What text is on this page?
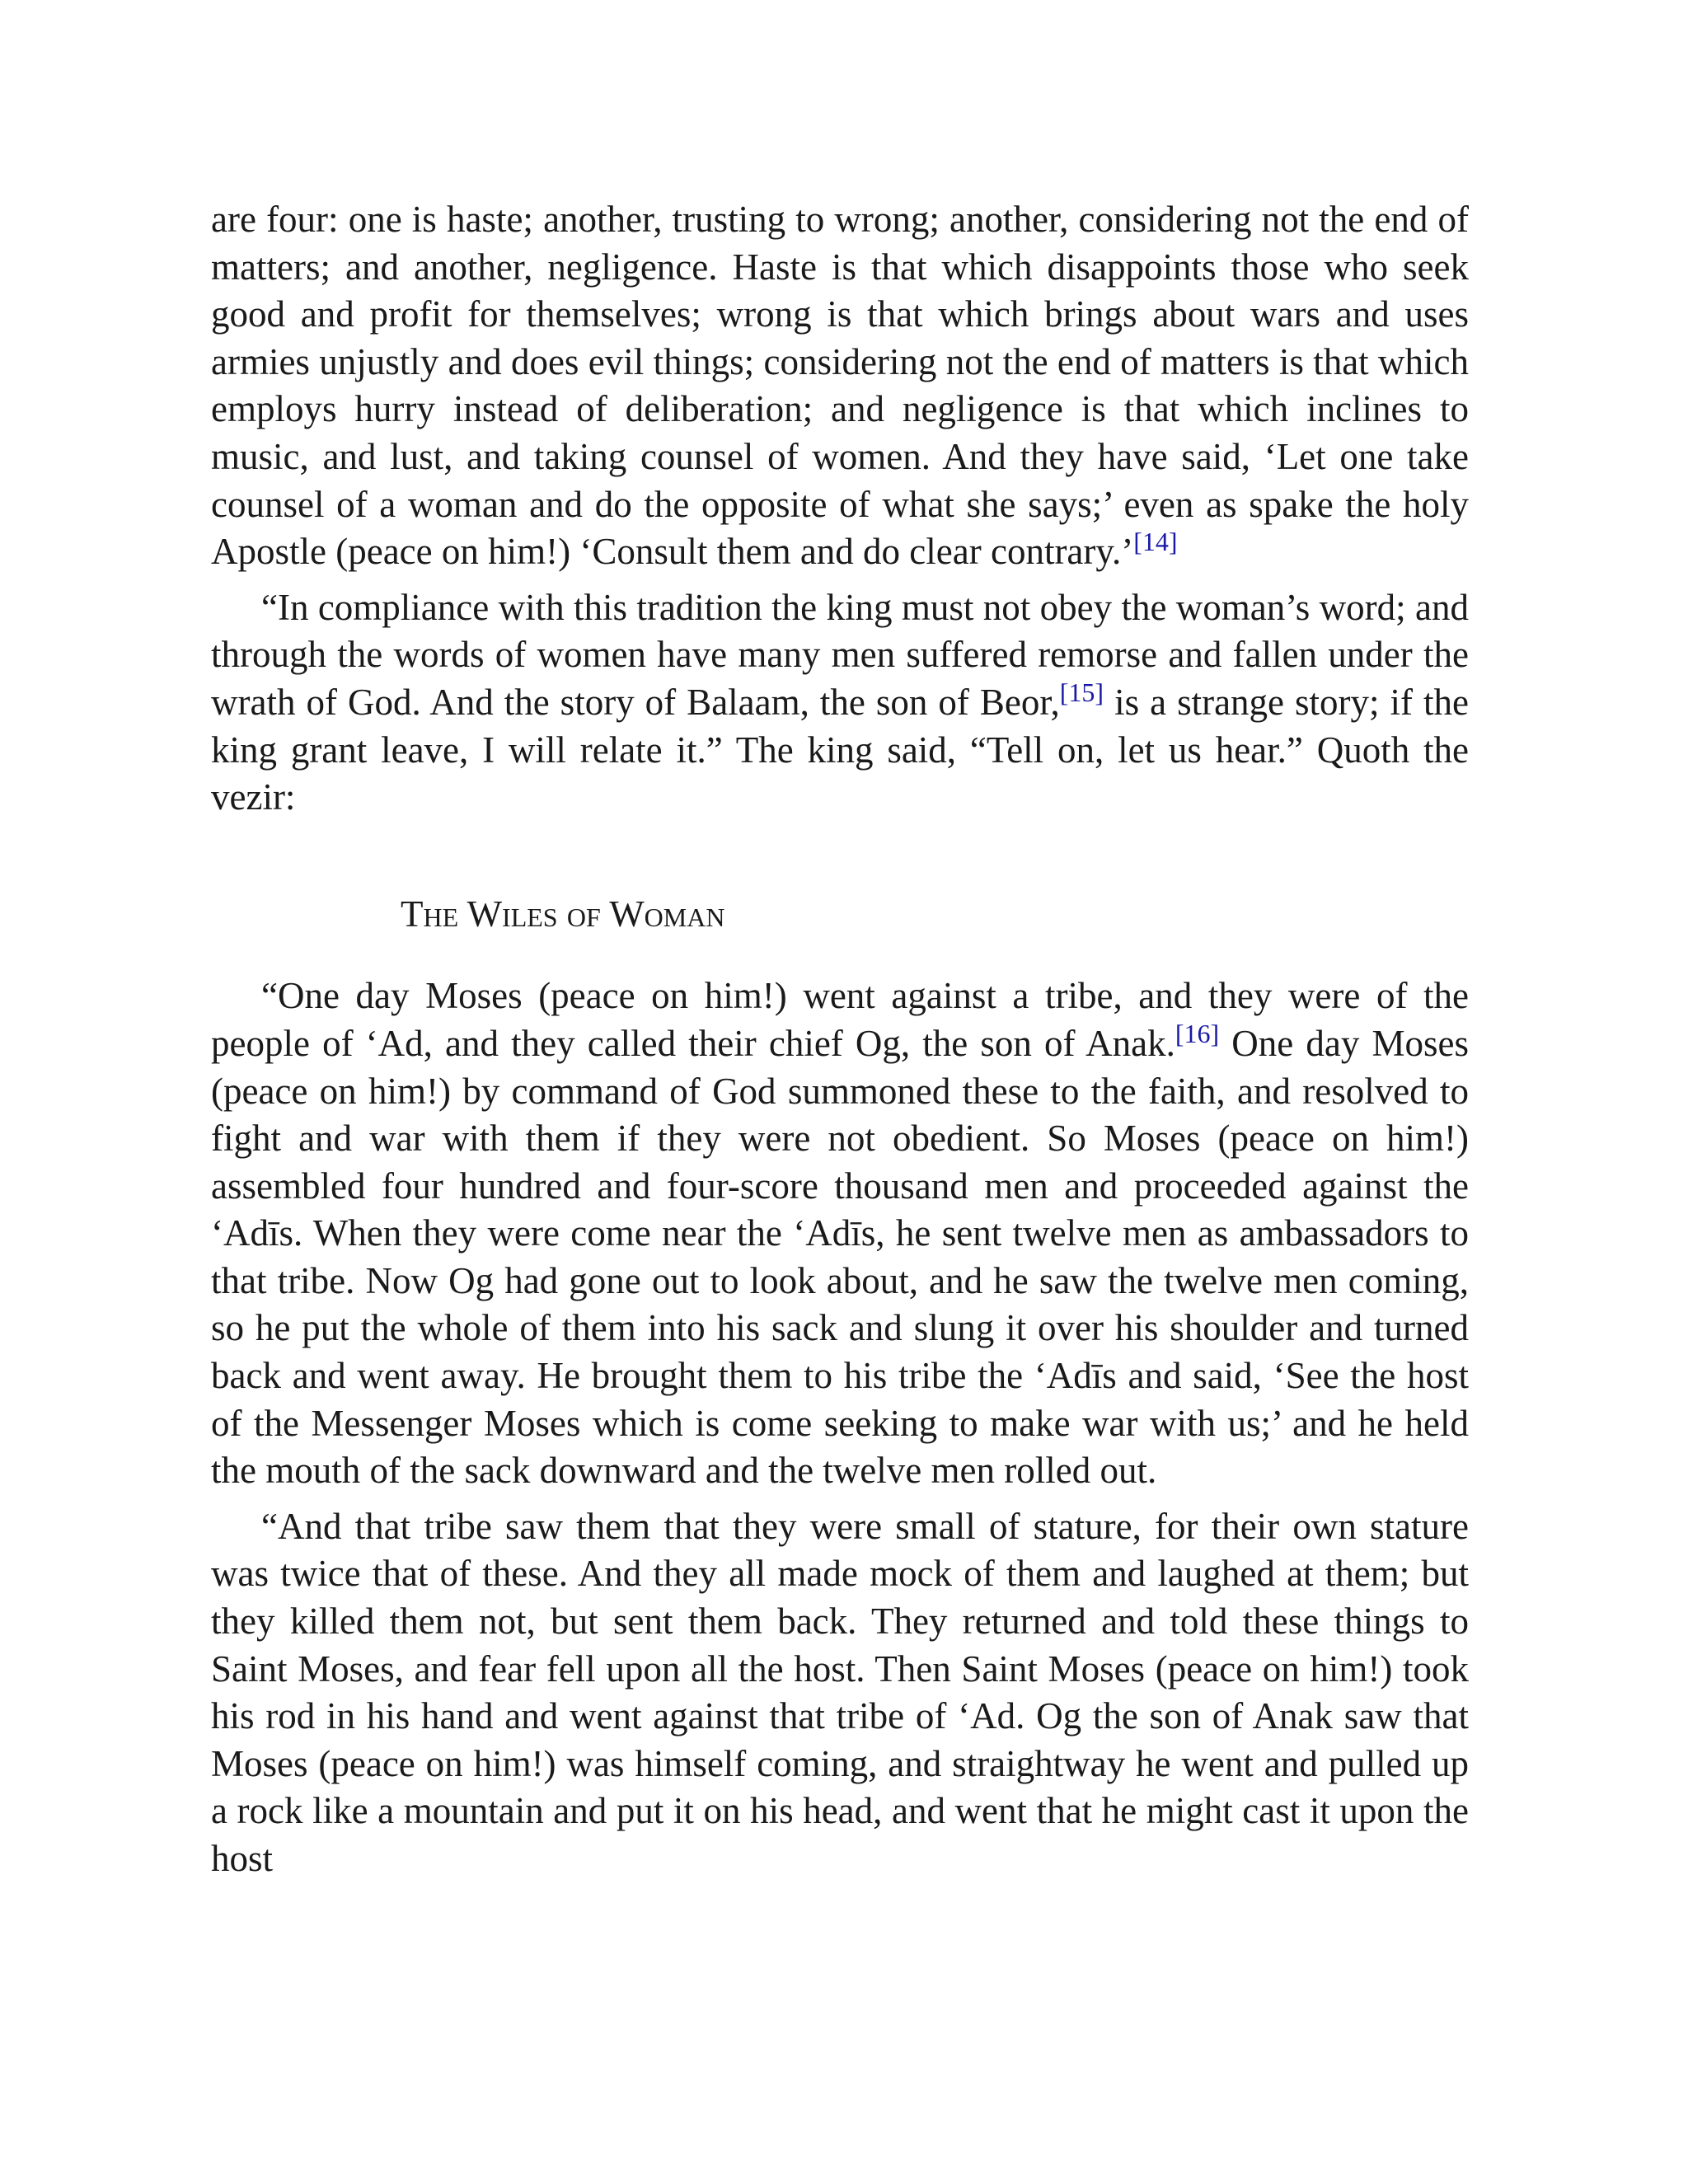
are four: one is haste; another, trusting to wrong; another, considering not the end of matters; and another, negligence. Haste is that which disappoints those who seek good and profit for themselves; wrong is that which brings about wars and uses armies unjustly and does evil things; considering not the end of matters is that which employs hurry instead of deliberation; and negligence is that which inclines to music, and lust, and taking counsel of women. And they have said, ‘Let one take counsel of a woman and do the opposite of what she says;’ even as spake the holy Apostle (peace on him!) ‘Consult them and do clear contrary.’[14]

“In compliance with this tradition the king must not obey the woman’s word; and through the words of women have many men suffered remorse and fallen under the wrath of God. And the story of Balaam, the son of Beor,[15] is a strange story; if the king grant leave, I will relate it.” The king said, “Tell on, let us hear.” Quoth the vezir:

The Wiles of Woman

“One day Moses (peace on him!) went against a tribe, and they were of the people of ‘Ad, and they called their chief Og, the son of Anak.[16] One day Moses (peace on him!) by command of God summoned these to the faith, and resolved to fight and war with them if they were not obedient. So Moses (peace on him!) assembled four hundred and four-score thousand men and proceeded against the ‘Adīs. When they were come near the ‘Adīs, he sent twelve men as ambassadors to that tribe. Now Og had gone out to look about, and he saw the twelve men coming, so he put the whole of them into his sack and slung it over his shoulder and turned back and went away. He brought them to his tribe the ‘Adīs and said, ‘See the host of the Messenger Moses which is come seeking to make war with us;’ and he held the mouth of the sack downward and the twelve men rolled out.

“And that tribe saw them that they were small of stature, for their own stature was twice that of these. And they all made mock of them and laughed at them; but they killed them not, but sent them back. They returned and told these things to Saint Moses, and fear fell upon all the host. Then Saint Moses (peace on him!) took his rod in his hand and went against that tribe of ‘Ad. Og the son of Anak saw that Moses (peace on him!) was himself coming, and straightway he went and pulled up a rock like a mountain and put it on his head, and went that he might cast it upon the host
